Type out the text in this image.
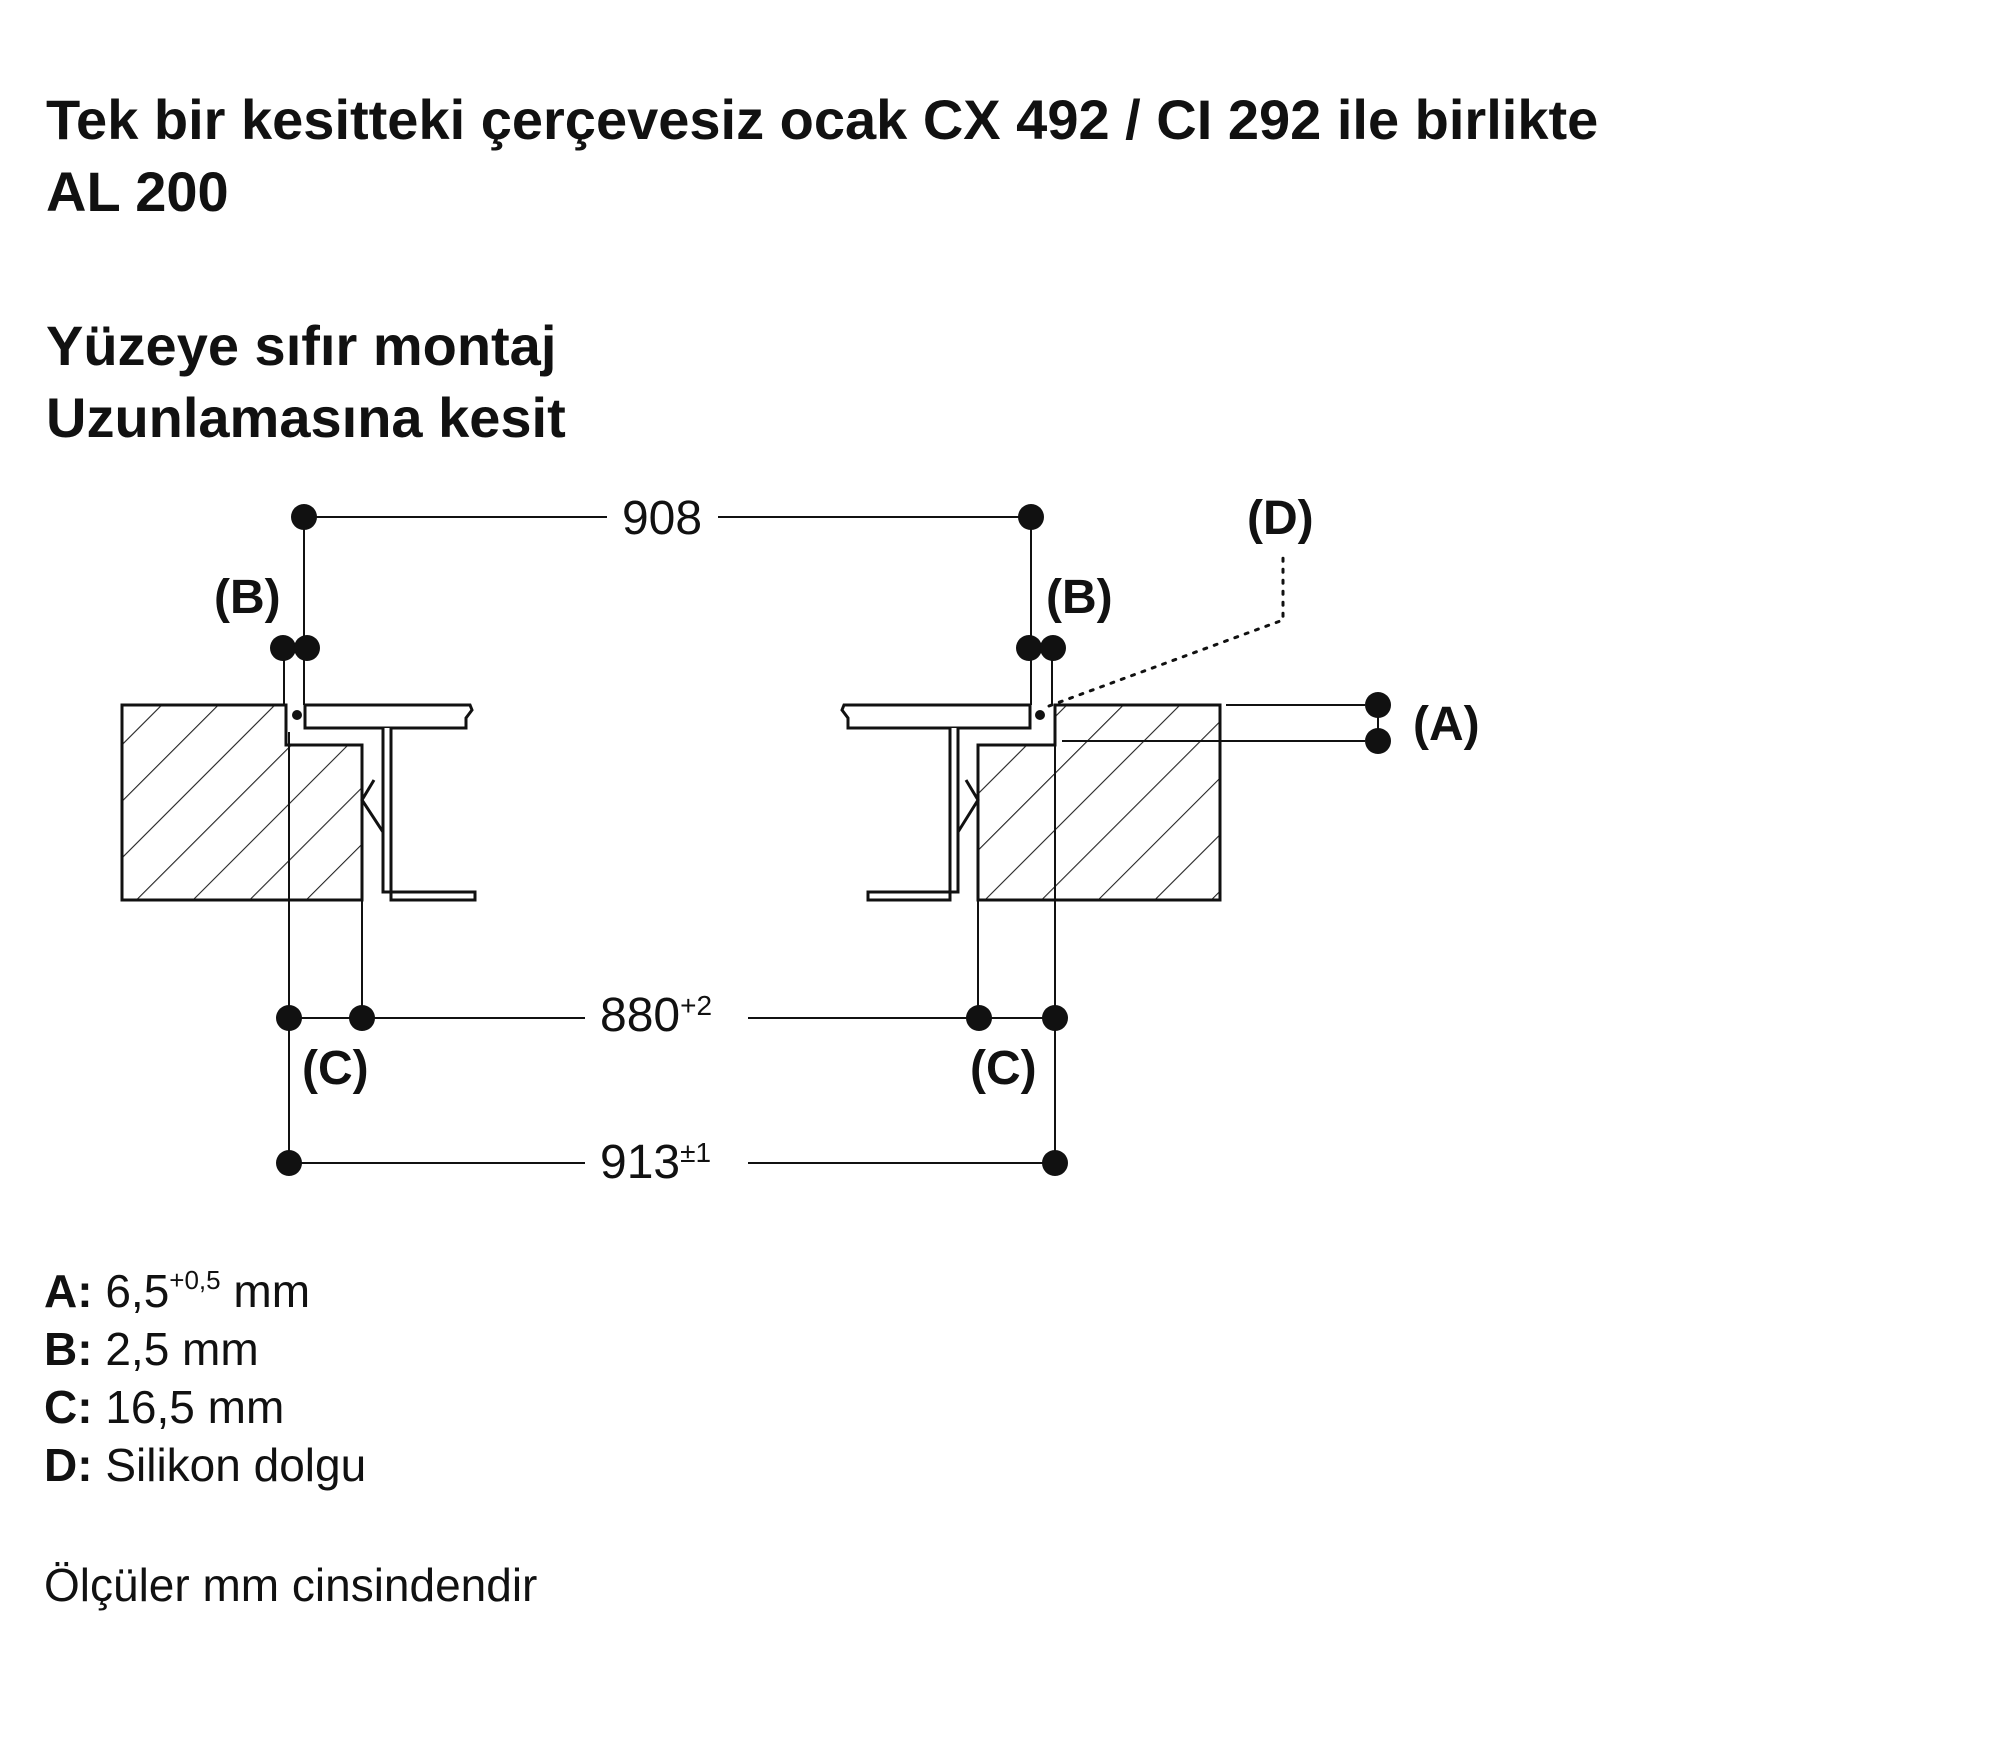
Tek bir kesitteki çerçevesiz ocak CX 492 / CI 292 ile birlikte
AL 200
Yüzeye sıfır montaj
Uzunlamasına kesit
908
$880^{+2}$
$913^{\pm 1}$
(B)	(B)
(D)
(A)
(C)	(C)
A: $6,5^{+0,5}$ mm
B: 2,5 mm
C: 16,5 mm
D: Silikon dolgu
Ölçüler mm cinsindendir
